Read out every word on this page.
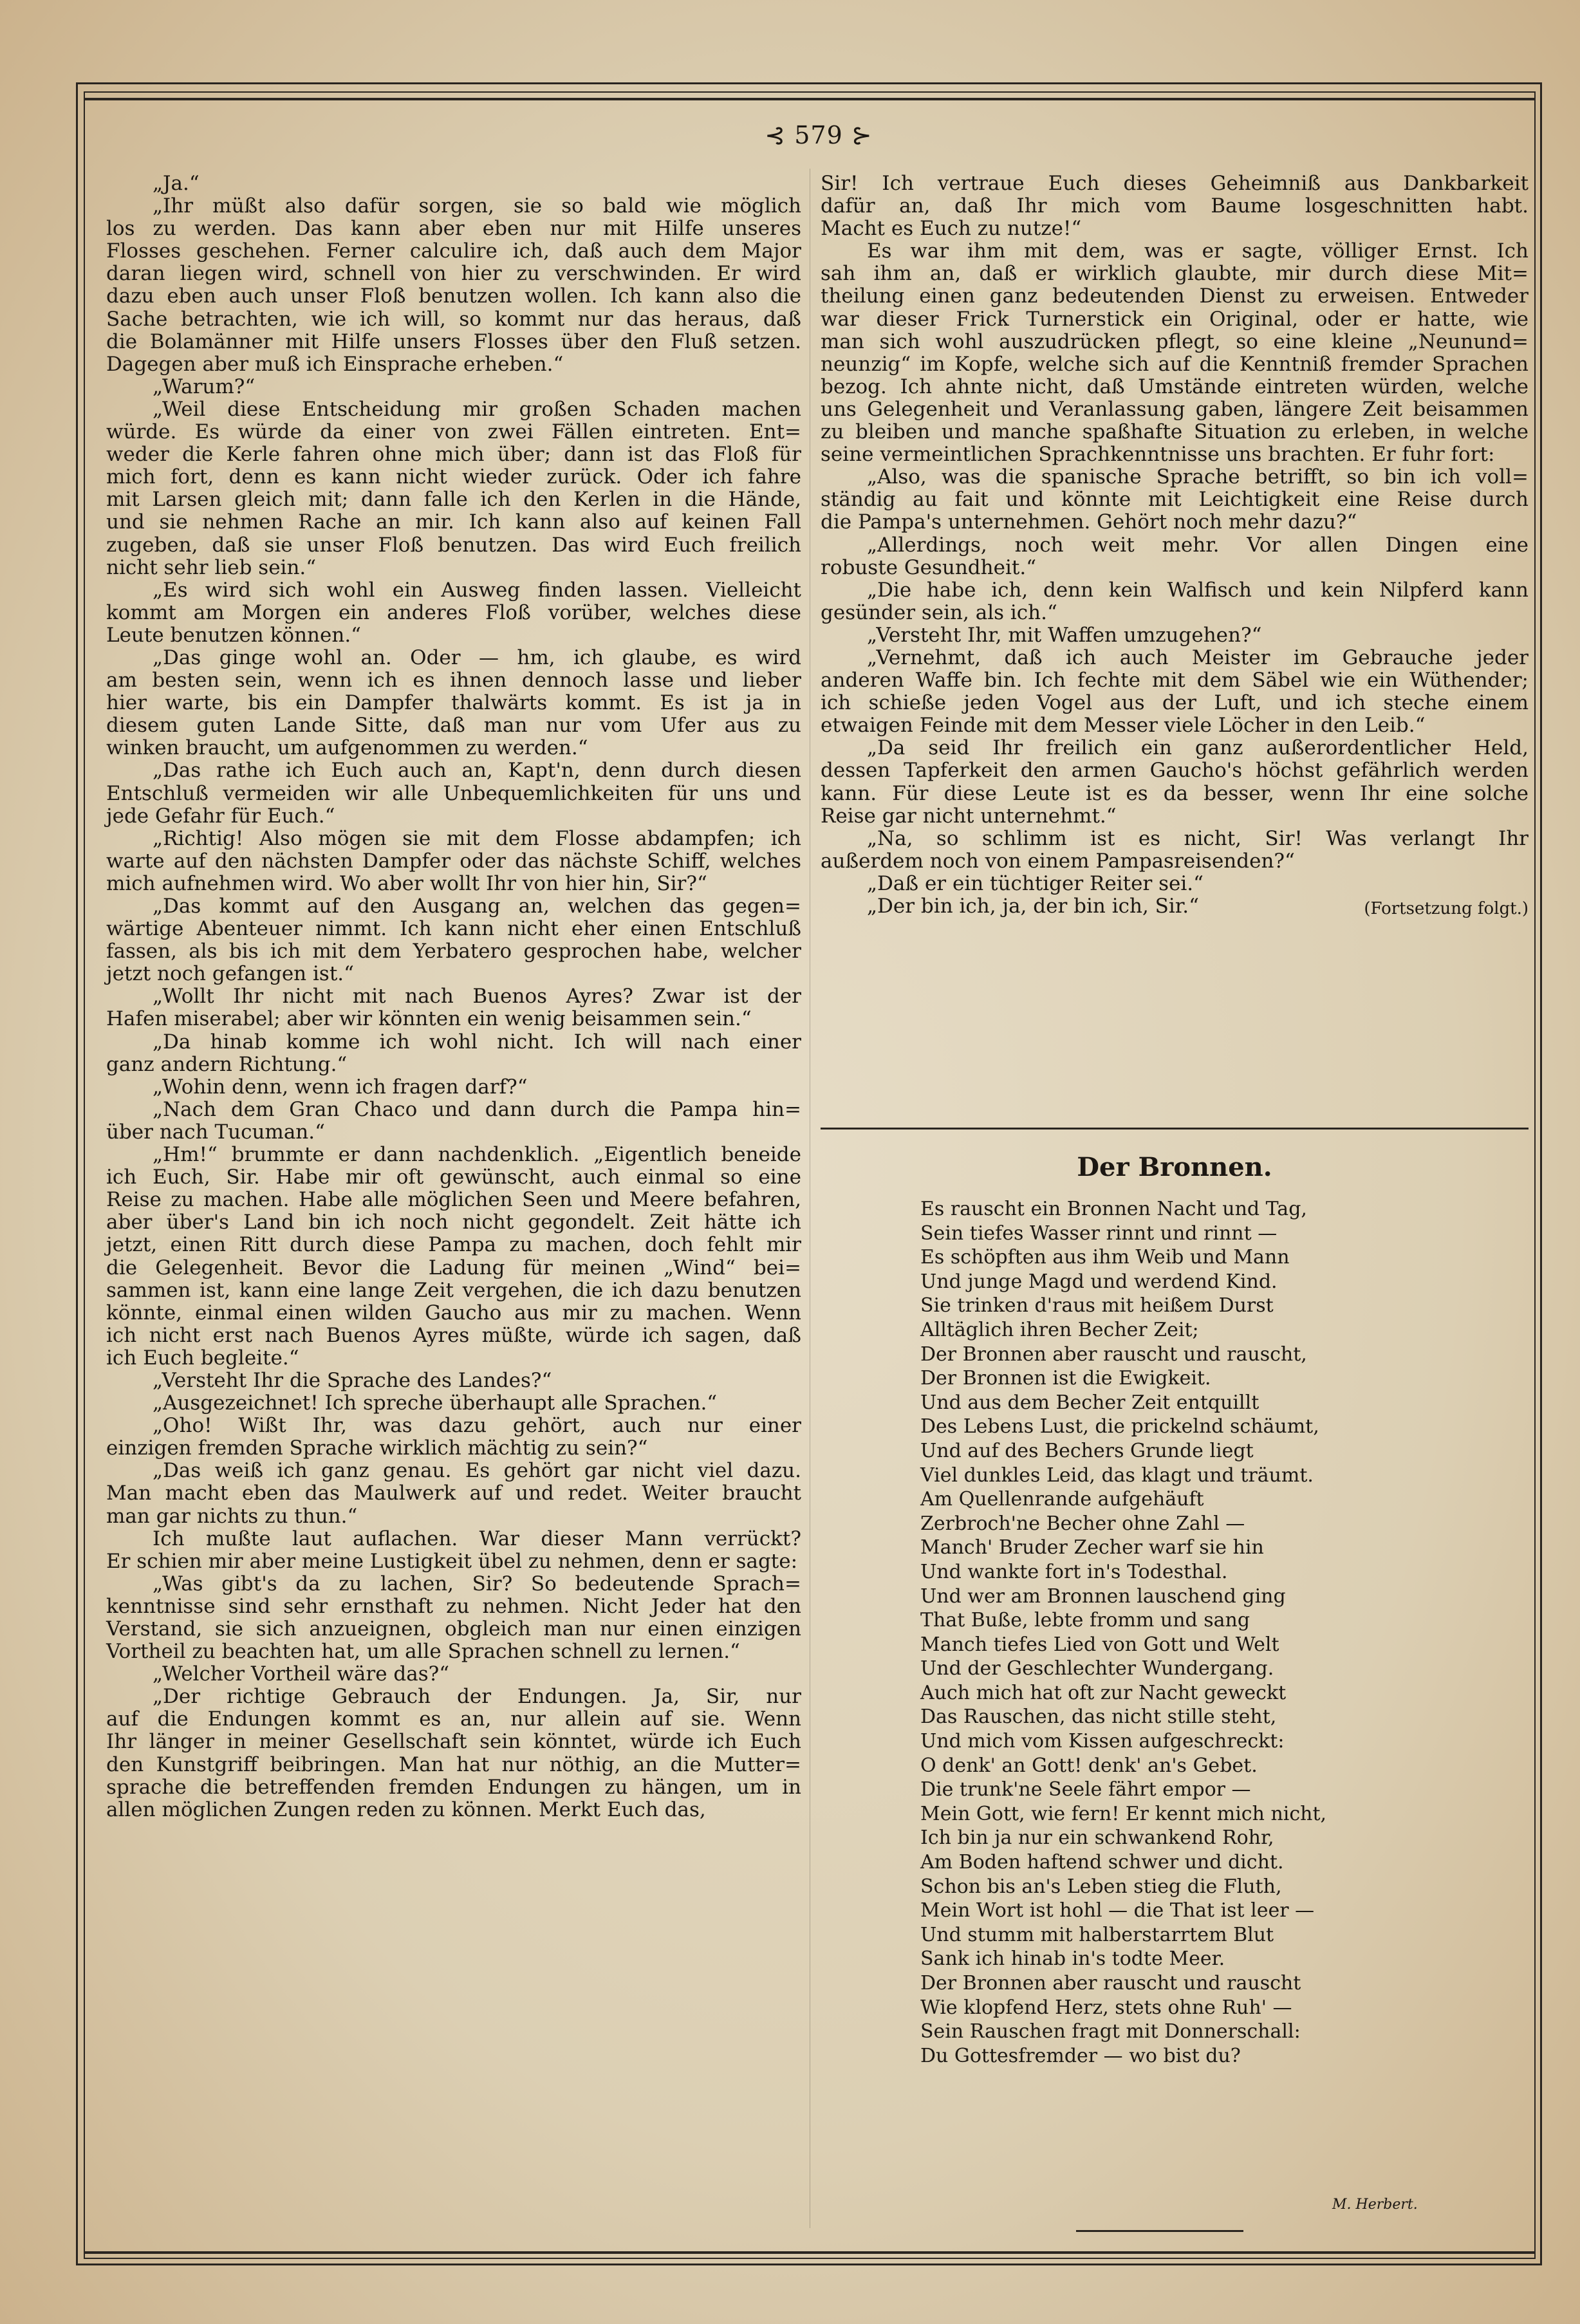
⊰ 579 ⊱
„Ja.“
„Ihr müßt also dafür sorgen, sie so bald wie möglich
los zu werden. Das kann aber eben nur mit Hilfe unseres
Flosses geschehen. Ferner calculire ich, daß auch dem Major
daran liegen wird, schnell von hier zu verschwinden. Er wird
dazu eben auch unser Floß benutzen wollen. Ich kann also die
Sache betrachten, wie ich will, so kommt nur das heraus, daß
die Bolamänner mit Hilfe unsers Flosses über den Fluß setzen.
Dagegen aber muß ich Einsprache erheben.“
„Warum?“
„Weil diese Entscheidung mir großen Schaden machen
würde. Es würde da einer von zwei Fällen eintreten. Ent=
weder die Kerle fahren ohne mich über; dann ist das Floß für
mich fort, denn es kann nicht wieder zurück. Oder ich fahre
mit Larsen gleich mit; dann falle ich den Kerlen in die Hände,
und sie nehmen Rache an mir. Ich kann also auf keinen Fall
zugeben, daß sie unser Floß benutzen. Das wird Euch freilich
nicht sehr lieb sein.“
„Es wird sich wohl ein Ausweg finden lassen. Vielleicht
kommt am Morgen ein anderes Floß vorüber, welches diese
Leute benutzen können.“
„Das ginge wohl an. Oder — hm, ich glaube, es wird
am besten sein, wenn ich es ihnen dennoch lasse und lieber
hier warte, bis ein Dampfer thalwärts kommt. Es ist ja in
diesem guten Lande Sitte, daß man nur vom Ufer aus zu
winken braucht, um aufgenommen zu werden.“
„Das rathe ich Euch auch an, Kapt'n, denn durch diesen
Entschluß vermeiden wir alle Unbequemlichkeiten für uns und
jede Gefahr für Euch.“
„Richtig! Also mögen sie mit dem Flosse abdampfen; ich
warte auf den nächsten Dampfer oder das nächste Schiff, welches
mich aufnehmen wird. Wo aber wollt Ihr von hier hin, Sir?“
„Das kommt auf den Ausgang an, welchen das gegen=
wärtige Abenteuer nimmt. Ich kann nicht eher einen Entschluß
fassen, als bis ich mit dem Yerbatero gesprochen habe, welcher
jetzt noch gefangen ist.“
„Wollt Ihr nicht mit nach Buenos Ayres? Zwar ist der
Hafen miserabel; aber wir könnten ein wenig beisammen sein.“
„Da hinab komme ich wohl nicht. Ich will nach einer
ganz andern Richtung.“
„Wohin denn, wenn ich fragen darf?“
„Nach dem Gran Chaco und dann durch die Pampa hin=
über nach Tucuman.“
„Hm!“ brummte er dann nachdenklich. „Eigentlich beneide
ich Euch, Sir. Habe mir oft gewünscht, auch einmal so eine
Reise zu machen. Habe alle möglichen Seen und Meere befahren,
aber über's Land bin ich noch nicht gegondelt. Zeit hätte ich
jetzt, einen Ritt durch diese Pampa zu machen, doch fehlt mir
die Gelegenheit. Bevor die Ladung für meinen „Wind“ bei=
sammen ist, kann eine lange Zeit vergehen, die ich dazu benutzen
könnte, einmal einen wilden Gaucho aus mir zu machen. Wenn
ich nicht erst nach Buenos Ayres müßte, würde ich sagen, daß
ich Euch begleite.“
„Versteht Ihr die Sprache des Landes?“
„Ausgezeichnet! Ich spreche überhaupt alle Sprachen.“
„Oho! Wißt Ihr, was dazu gehört, auch nur einer
einzigen fremden Sprache wirklich mächtig zu sein?“
„Das weiß ich ganz genau. Es gehört gar nicht viel dazu.
Man macht eben das Maulwerk auf und redet. Weiter braucht
man gar nichts zu thun.“
Ich mußte laut auflachen. War dieser Mann verrückt?
Er schien mir aber meine Lustigkeit übel zu nehmen, denn er sagte:
„Was gibt's da zu lachen, Sir? So bedeutende Sprach=
kenntnisse sind sehr ernsthaft zu nehmen. Nicht Jeder hat den
Verstand, sie sich anzueignen, obgleich man nur einen einzigen
Vortheil zu beachten hat, um alle Sprachen schnell zu lernen.“
„Welcher Vortheil wäre das?“
„Der richtige Gebrauch der Endungen. Ja, Sir, nur
auf die Endungen kommt es an, nur allein auf sie. Wenn
Ihr länger in meiner Gesellschaft sein könntet, würde ich Euch
den Kunstgriff beibringen. Man hat nur nöthig, an die Mutter=
sprache die betreffenden fremden Endungen zu hängen, um in
allen möglichen Zungen reden zu können. Merkt Euch das,
Sir! Ich vertraue Euch dieses Geheimniß aus Dankbarkeit
dafür an, daß Ihr mich vom Baume losgeschnitten habt.
Macht es Euch zu nutze!“
Es war ihm mit dem, was er sagte, völliger Ernst. Ich
sah ihm an, daß er wirklich glaubte, mir durch diese Mit=
theilung einen ganz bedeutenden Dienst zu erweisen. Entweder
war dieser Frick Turnerstick ein Original, oder er hatte, wie
man sich wohl auszudrücken pflegt, so eine kleine „Neunund=
neunzig“ im Kopfe, welche sich auf die Kenntniß fremder Sprachen
bezog. Ich ahnte nicht, daß Umstände eintreten würden, welche
uns Gelegenheit und Veranlassung gaben, längere Zeit beisammen
zu bleiben und manche spaßhafte Situation zu erleben, in welche
seine vermeintlichen Sprachkenntnisse uns brachten. Er fuhr fort:
„Also, was die spanische Sprache betrifft, so bin ich voll=
ständig au fait und könnte mit Leichtigkeit eine Reise durch
die Pampa's unternehmen. Gehört noch mehr dazu?“
„Allerdings, noch weit mehr. Vor allen Dingen eine
robuste Gesundheit.“
„Die habe ich, denn kein Walfisch und kein Nilpferd kann
gesünder sein, als ich.“
„Versteht Ihr, mit Waffen umzugehen?“
„Vernehmt, daß ich auch Meister im Gebrauche jeder
anderen Waffe bin. Ich fechte mit dem Säbel wie ein Wüthender;
ich schieße jeden Vogel aus der Luft, und ich steche einem
etwaigen Feinde mit dem Messer viele Löcher in den Leib.“
„Da seid Ihr freilich ein ganz außerordentlicher Held,
dessen Tapferkeit den armen Gaucho's höchst gefährlich werden
kann. Für diese Leute ist es da besser, wenn Ihr eine solche
Reise gar nicht unternehmt.“
„Na, so schlimm ist es nicht, Sir! Was verlangt Ihr
außerdem noch von einem Pampasreisenden?“
„Daß er ein tüchtiger Reiter sei.“
(Fortsetzung folgt.)
„Der bin ich, ja, der bin ich, Sir.“
Der Bronnen.
Es rauscht ein Bronnen Nacht und Tag,
Sein tiefes Wasser rinnt und rinnt —
Es schöpften aus ihm Weib und Mann
Und junge Magd und werdend Kind.
Sie trinken d'raus mit heißem Durst
Alltäglich ihren Becher Zeit;
Der Bronnen aber rauscht und rauscht,
Der Bronnen ist die Ewigkeit.
Und aus dem Becher Zeit entquillt
Des Lebens Lust, die prickelnd schäumt,
Und auf des Bechers Grunde liegt
Viel dunkles Leid, das klagt und träumt.
Am Quellenrande aufgehäuft
Zerbroch'ne Becher ohne Zahl —
Manch' Bruder Zecher warf sie hin
Und wankte fort in's Todesthal.
Und wer am Bronnen lauschend ging
That Buße, lebte fromm und sang
Manch tiefes Lied von Gott und Welt
Und der Geschlechter Wundergang.
Auch mich hat oft zur Nacht geweckt
Das Rauschen, das nicht stille steht,
Und mich vom Kissen aufgeschreckt:
O denk' an Gott! denk' an's Gebet.
Die trunk'ne Seele fährt empor —
Mein Gott, wie fern! Er kennt mich nicht,
Ich bin ja nur ein schwankend Rohr,
Am Boden haftend schwer und dicht.
Schon bis an's Leben stieg die Fluth,
Mein Wort ist hohl — die That ist leer —
Und stumm mit halberstarrtem Blut
Sank ich hinab in's todte Meer.
Der Bronnen aber rauscht und rauscht
Wie klopfend Herz, stets ohne Ruh' —
Sein Rauschen fragt mit Donnerschall:
Du Gottesfremder — wo bist du?
M. Herbert.
